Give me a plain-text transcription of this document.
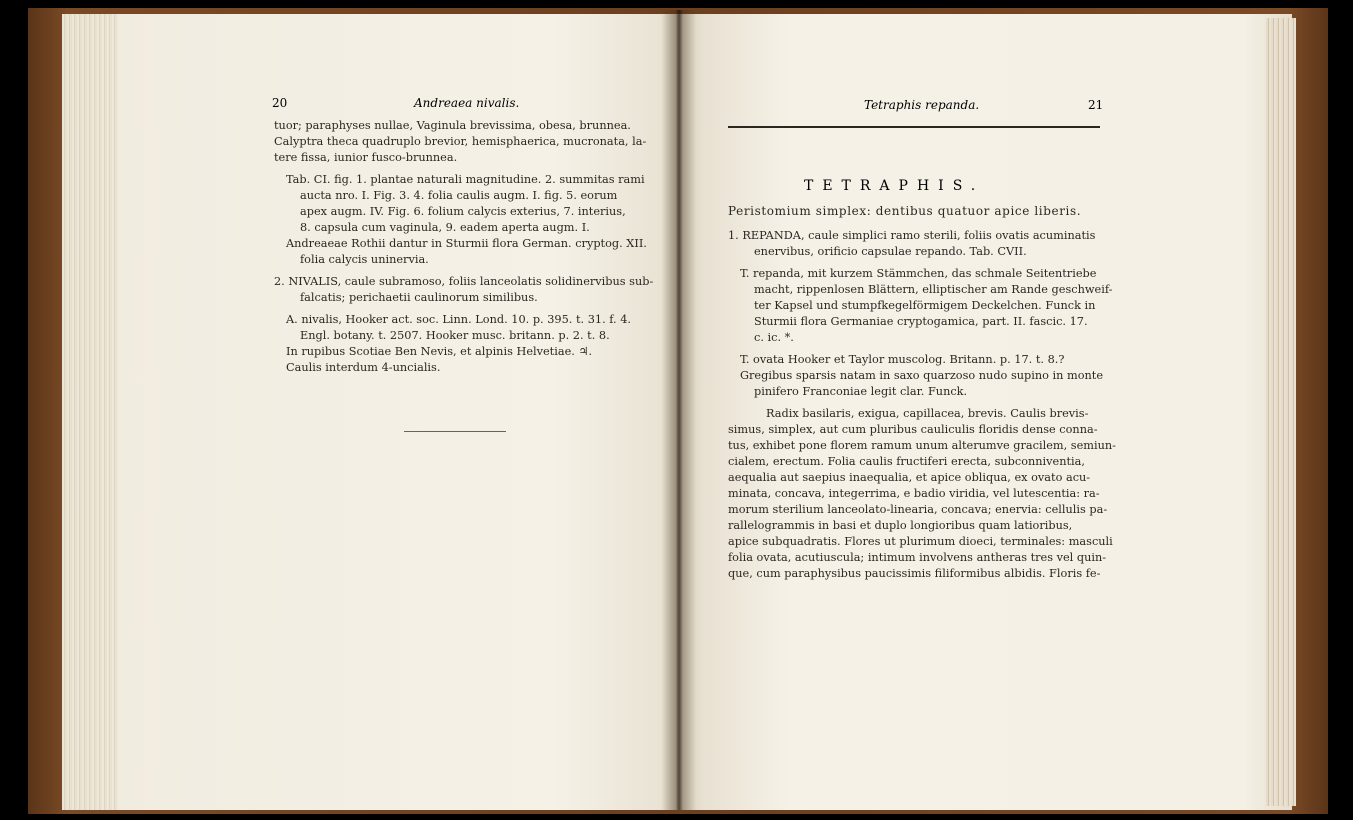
20	Andreaea nivalis.
tuor; paraphyses nullae, Vaginula brevissima, obesa, brunnea.
Calyptra theca quadruplo brevior, hemisphaerica, mucronata, la-
tere fissa, iunior fusco-brunnea.
Tab. CI. fig. 1. plantae naturali magnitudine. 2. summitas rami
aucta nro. I. Fig. 3. 4. folia caulis augm. I. fig. 5. eorum
apex augm. IV. Fig. 6. folium calycis exterius, 7. interius,
8. capsula cum vaginula, 9. eadem aperta augm. I.
Andreaeae Rothii dantur in Sturmii flora German. cryptog. XII.
folia calycis uninervia.
2. NIVALIS, caule subramoso, foliis lanceolatis solidinervibus sub-
falcatis; perichaetii caulinorum similibus.
A. nivalis, Hooker act. soc. Linn. Lond. 10. p. 395. t. 31. f. 4.
Engl. botany. t. 2507. Hooker musc. britann. p. 2. t. 8.
In rupibus Scotiae Ben Nevis, et alpinis Helvetiae. ♃.
Caulis interdum 4-uncialis.
Tetraphis repanda.	21
TETRAPHIS.
Peristomium simplex: dentibus quatuor apice liberis.
1. REPANDA, caule simplici ramo sterili, foliis ovatis acuminatis
enervibus, orificio capsulae repando. Tab. CVII.
T. repanda, mit kurzem Stämmchen, das schmale Seitentriebe
macht, rippenlosen Blättern, elliptischer am Rande geschweif-
ter Kapsel und stumpfkegelförmigem Deckelchen. Funck in
Sturmii flora Germaniae cryptogamica, part. II. fascic. 17.
c. ic. *.
T. ovata Hooker et Taylor muscolog. Britann. p. 17. t. 8.?
Gregibus sparsis natam in saxo quarzoso nudo supino in monte
pinifero Franconiae legit clar. Funck.
Radix basilaris, exigua, capillacea, brevis. Caulis brevis-
simus, simplex, aut cum pluribus cauliculis floridis dense conna-
tus, exhibet pone florem ramum unum alterumve gracilem, semiun-
cialem, erectum. Folia caulis fructiferi erecta, subconniventia,
aequalia aut saepius inaequalia, et apice obliqua, ex ovato acu-
minata, concava, integerrima, e badio viridia, vel lutescentia: ra-
morum sterilium lanceolato-linearia, concava; enervia: cellulis pa-
rallelogrammis in basi et duplo longioribus quam latioribus,
apice subquadratis. Flores ut plurimum dioeci, terminales: masculi
folia ovata, acutiuscula; intimum involvens antheras tres vel quin-
que, cum paraphysibus paucissimis filiformibus albidis. Floris fe-
